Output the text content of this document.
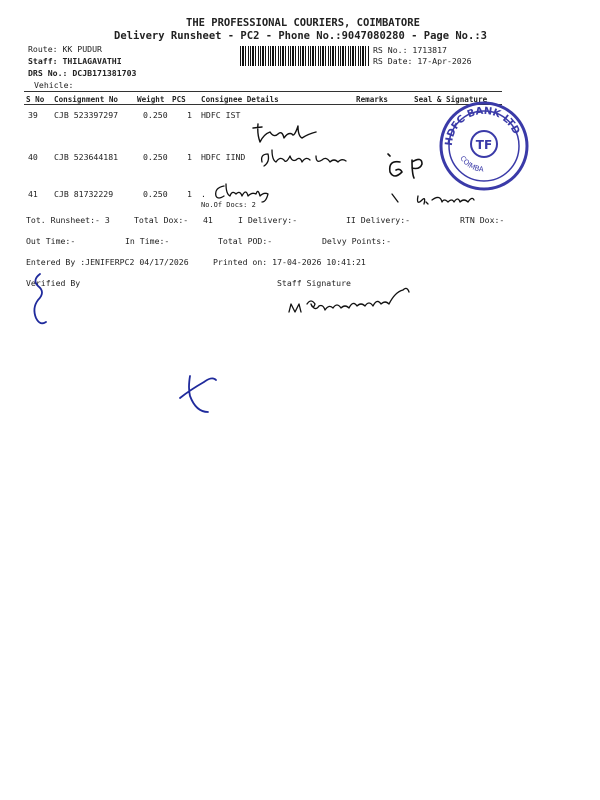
THE PROFESSIONAL COURIERS, COIMBATORE
Delivery Runsheet - PC2 - Phone No.:9047080280 - Page No.:3
Route: KK PUDUR
Staff: THILAGAVATHI
DRS No.: DCJB171381703
Vehicle:
RS No.: 1713817
RS Date: 17-Apr-2026
S No Consignment No Weight PCS Consignee Details	Remarks	Seal & Signature
39 CJB 523397297	0.250 1 HDFC IST
40 CJB 523644181	0.250 1 HDFC IIND
41 CJB 81732229	0.250 1 .
No.Of Docs: 2
Tot. Runsheet:- 3	Total Dox:- 41	I Delivery:-	II Delivery:-	RTN Dox:-
Out Time:-	In Time:-	Total POD:-	Delvy Points:-
Entered By :JENIFERPC2 04/17/2026	Printed on: 17-04-2026 10:41:21
Verified By	Staff Signature
HDFC BANK LTD
COIMBA
TF
